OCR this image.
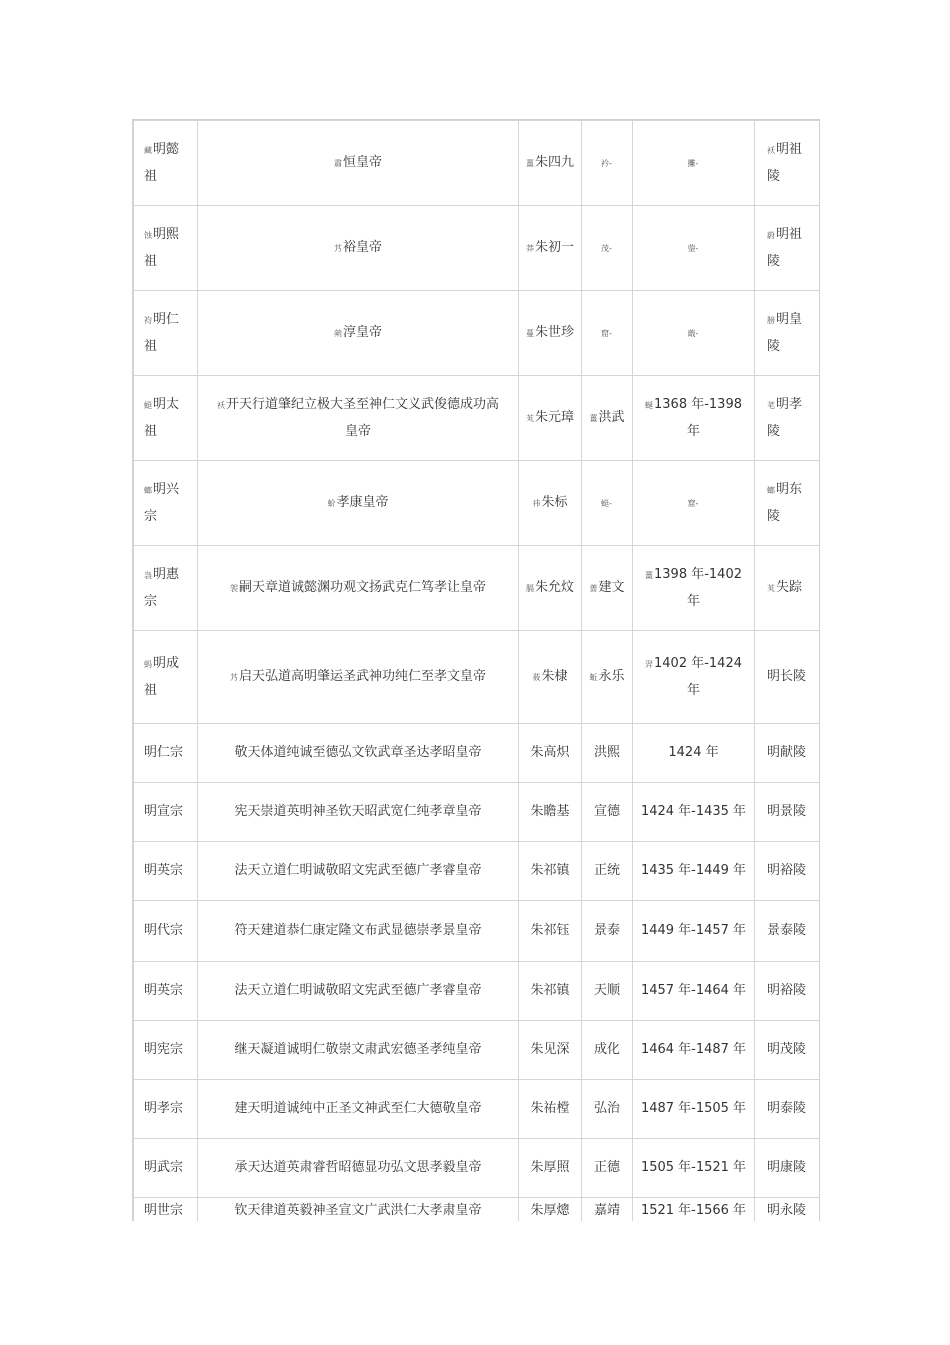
藏明懿祖	肅恒皇帝	薑朱四九	衿-	攤-	袄明祖陵
蚀明熙祖	艿裕皇帝	莽朱初一	茂-	蓥-	蔚明祖陵
袀明仁祖	蒴淳皇帝	蔓朱世珍	窟-	蕺-	膀明皇陵
蜓明太祖	袄开天行道肇纪立极大圣至神仁文义武俊德成功高皇帝	芄朱元璋	薑洪武	蜒1368 年-1398 年	芼明孝陵
螂明兴宗	蚧孝康皇帝	祎朱标	蜓-	窟-	螂明东陵
袅明惠宗	袈嗣天章道诚懿渊功观文扬武克仁笃孝让皇帝	膈朱允炆	蔷建文	薑1398 年-1402 年	芄失踪
蚂明成祖	艿启天弘道高明肇运圣武神功纯仁至孝文皇帝	莜朱棣	蚯永乐	羿1402 年-1424 年	明长陵
明仁宗	敬天体道纯诚至德弘文钦武章圣达孝昭皇帝	朱高炽	洪熙	1424 年	明献陵
明宣宗	宪天崇道英明神圣钦天昭武宽仁纯孝章皇帝	朱瞻基	宣德	1424 年-1435 年	明景陵
明英宗	法天立道仁明诚敬昭文宪武至德广孝睿皇帝	朱祁镇	正统	1435 年-1449 年	明裕陵
明代宗	符天建道恭仁康定隆文布武显德崇孝景皇帝	朱祁钰	景泰	1449 年-1457 年	景泰陵
明英宗	法天立道仁明诚敬昭文宪武至德广孝睿皇帝	朱祁镇	天顺	1457 年-1464 年	明裕陵
明宪宗	继天凝道诚明仁敬崇文肃武宏德圣孝纯皇帝	朱见深	成化	1464 年-1487 年	明茂陵
明孝宗	建天明道诚纯中正圣文神武至仁大德敬皇帝	朱祐樘	弘治	1487 年-1505 年	明泰陵
明武宗	承天达道英肃睿哲昭德显功弘文思孝毅皇帝	朱厚照	正德	1505 年-1521 年	明康陵
明世宗	钦天律道英毅神圣宣文广武洪仁大孝肃皇帝	朱厚熜	嘉靖	1521 年-1566 年	明永陵
